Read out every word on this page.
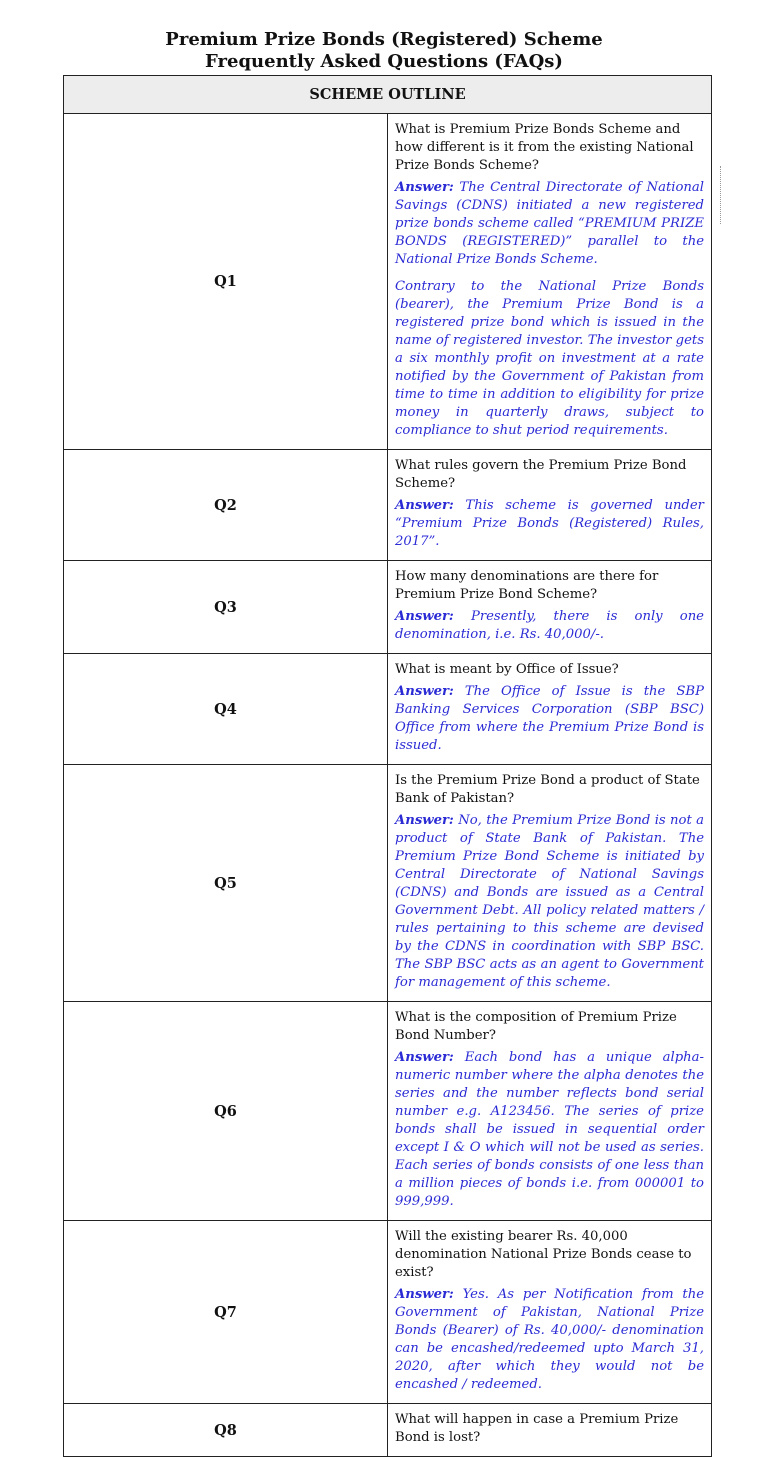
Premium Prize Bonds (Registered) Scheme
Frequently Asked Questions (FAQs)
SCHEME OUTLINE	
Q1	What is Premium Prize Bonds Scheme and how different is it from the existing National Prize Bonds Scheme?
Answer: The Central Directorate of National Savings (CDNS) initiated a new registered prize bonds scheme called “PREMIUM PRIZE BONDS (REGISTERED)” parallel to the National Prize Bonds Scheme.
Contrary to the National Prize Bonds (bearer), the Premium Prize Bond is a registered prize bond which is issued in the name of registered investor. The investor gets a six monthly profit on investment at a rate notified by the Government of Pakistan from time to time in addition to eligibility for prize money in quarterly draws, subject to compliance to shut period requirements.

Q2	What rules govern the Premium Prize Bond Scheme?
Answer: This scheme is governed under “Premium Prize Bonds (Registered) Rules, 2017”.

Q3	How many denominations are there for Premium Prize Bond Scheme?
Answer: Presently, there is only one denomination, i.e. Rs. 40,000/-.

Q4	What is meant by Office of Issue?
Answer: The Office of Issue is the SBP Banking Services Corporation (SBP BSC) Office from where the Premium Prize Bond is issued.

Q5	Is the Premium Prize Bond a product of State Bank of Pakistan?
Answer: No, the Premium Prize Bond is not a product of State Bank of Pakistan. The Premium Prize Bond Scheme is initiated by Central Directorate of National Savings (CDNS) and Bonds are issued as a Central Government Debt. All policy related matters / rules pertaining to this scheme are devised by the CDNS in coordination with SBP BSC. The SBP BSC acts as an agent to Government for management of this scheme.

Q6	What is the composition of Premium Prize Bond Number?
Answer: Each bond has a unique alpha-numeric number where the alpha denotes the series and the number reflects bond serial number e.g. A123456. The series of prize bonds shall be issued in sequential order except I & O which will not be used as series. Each series of bonds consists of one less than a million pieces of bonds i.e. from 000001 to 999,999.

Q7	Will the existing bearer Rs. 40,000 denomination National Prize Bonds cease to exist?
Answer: Yes. As per Notification from the Government of Pakistan, National Prize Bonds (Bearer) of Rs. 40,000/- denomination can be encashed/redeemed upto March 31, 2020, after which they would not be encashed / redeemed.

Q8	What will happen in case a Premium Prize Bond is lost?
